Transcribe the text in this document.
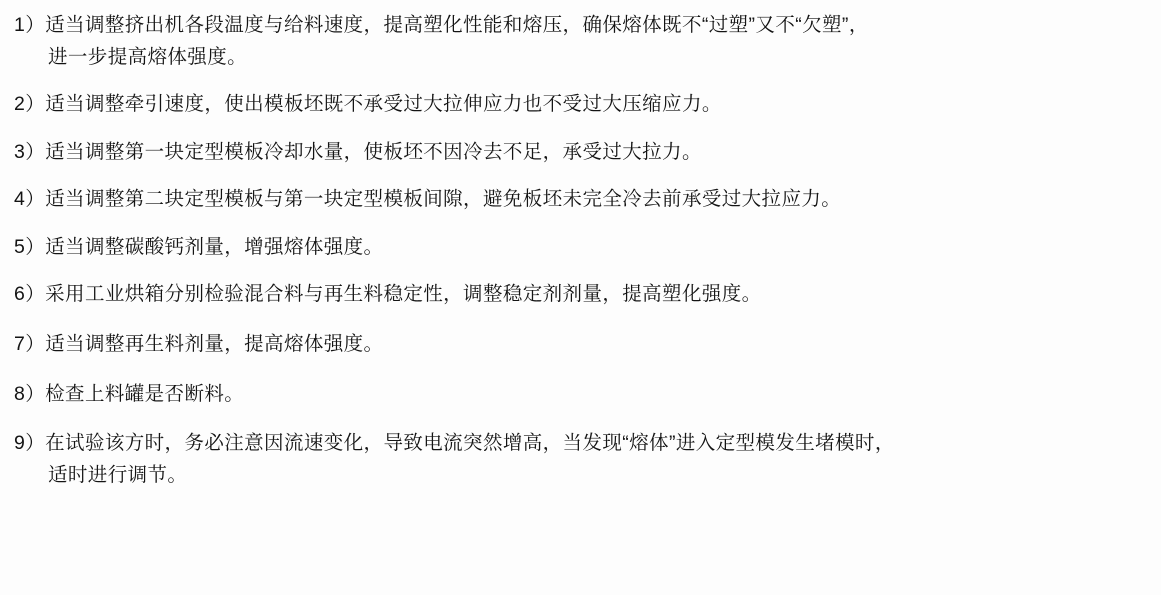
1）适当调整挤出机各段温度与给料速度，提高塑化性能和熔压，确保熔体既不“过塑”又不“欠塑”，
进一步提高熔体强度。
2）适当调整牵引速度，使出模板坯既不承受过大拉伸应力也不受过大压缩应力。
3）适当调整第一块定型模板冷却水量，使板坯不因冷去不足，承受过大拉力。
4）适当调整第二块定型模板与第一块定型模板间隙，避免板坯未完全冷去前承受过大拉应力。
5）适当调整碳酸钙剂量，增强熔体强度。
6）采用工业烘箱分别检验混合料与再生料稳定性，调整稳定剂剂量，提高塑化强度。
7）适当调整再生料剂量，提高熔体强度。
8）检查上料罐是否断料。
9）在试验该方时，务必注意因流速变化，导致电流突然增高，当发现“熔体”进入定型模发生堵模时，
适时进行调节。
